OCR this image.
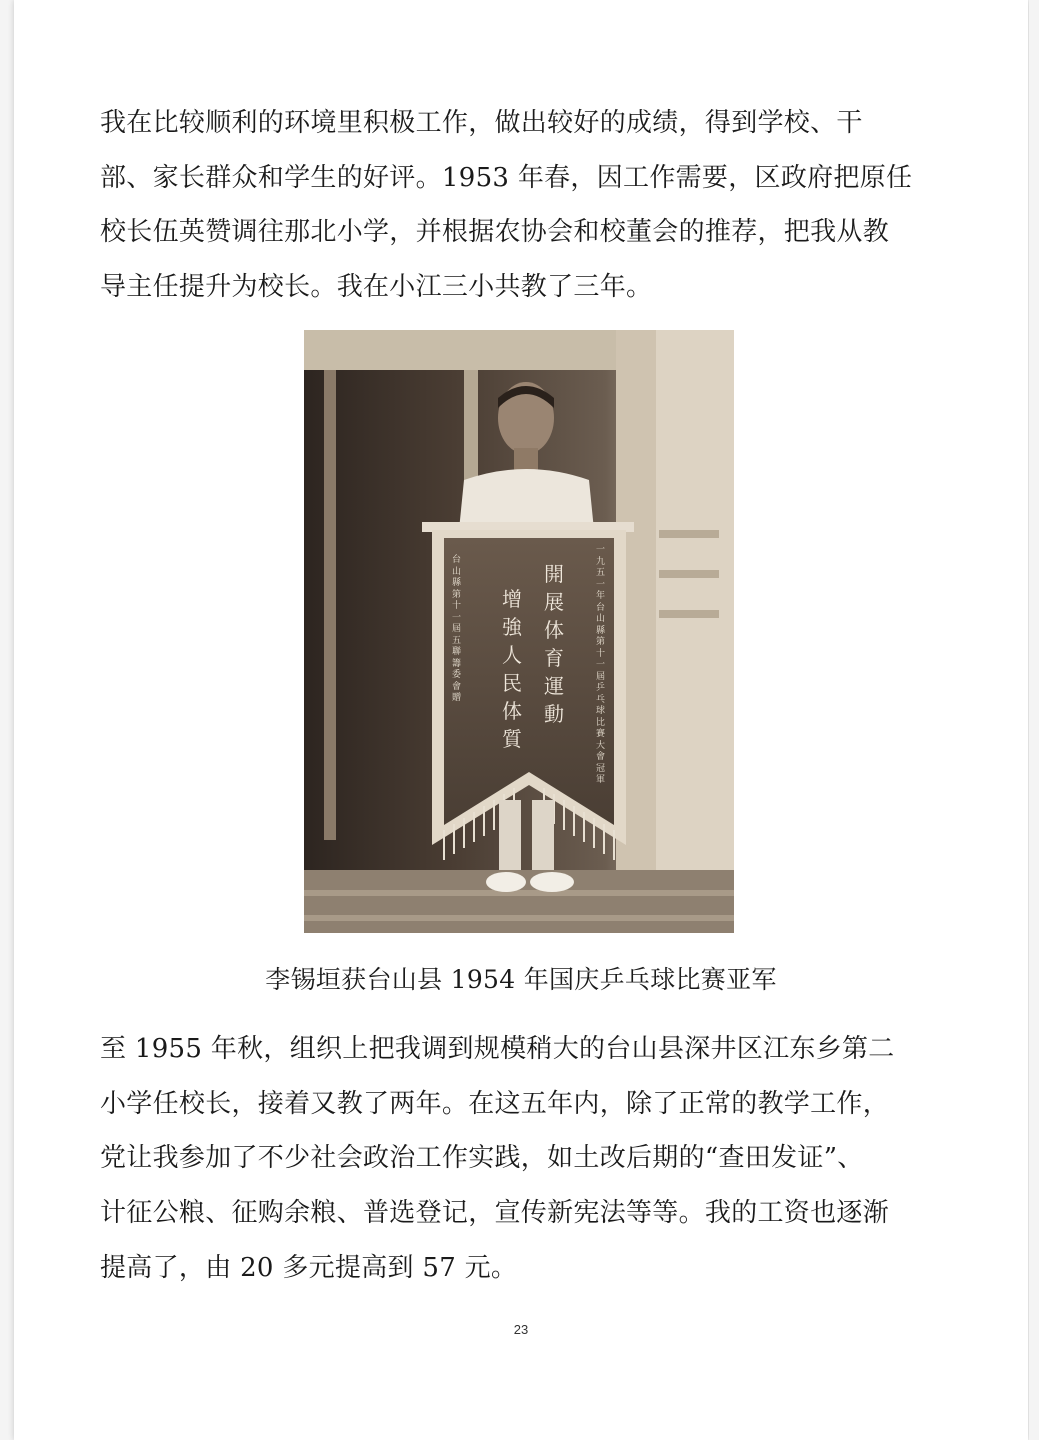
我在比较顺利的环境里积极工作，做出较好的成绩，得到学校、干
部、家长群众和学生的好评。1953 年春，因工作需要，区政府把原任
校长伍英赞调往那北小学，并根据农协会和校董会的推荐，把我从教
导主任提升为校长。我在小江三小共教了三年。
開展体育運動
增強人民体質
台山縣第十一屆五聯籌委會贈
一九五一年台山縣第十一屆乒乓球比賽大會冠軍

李锡垣获台山县 1954 年国庆乒乓球比赛亚军

至 1955 年秋，组织上把我调到规模稍大的台山县深井区江东乡第二
小学任校长，接着又教了两年。在这五年内，除了正常的教学工作，
党让我参加了不少社会政治工作实践，如土改后期的“查田发证”、
计征公粮、征购余粮、普选登记，宣传新宪法等等。我的工资也逐渐
提高了，由 20 多元提高到 57 元。
23
